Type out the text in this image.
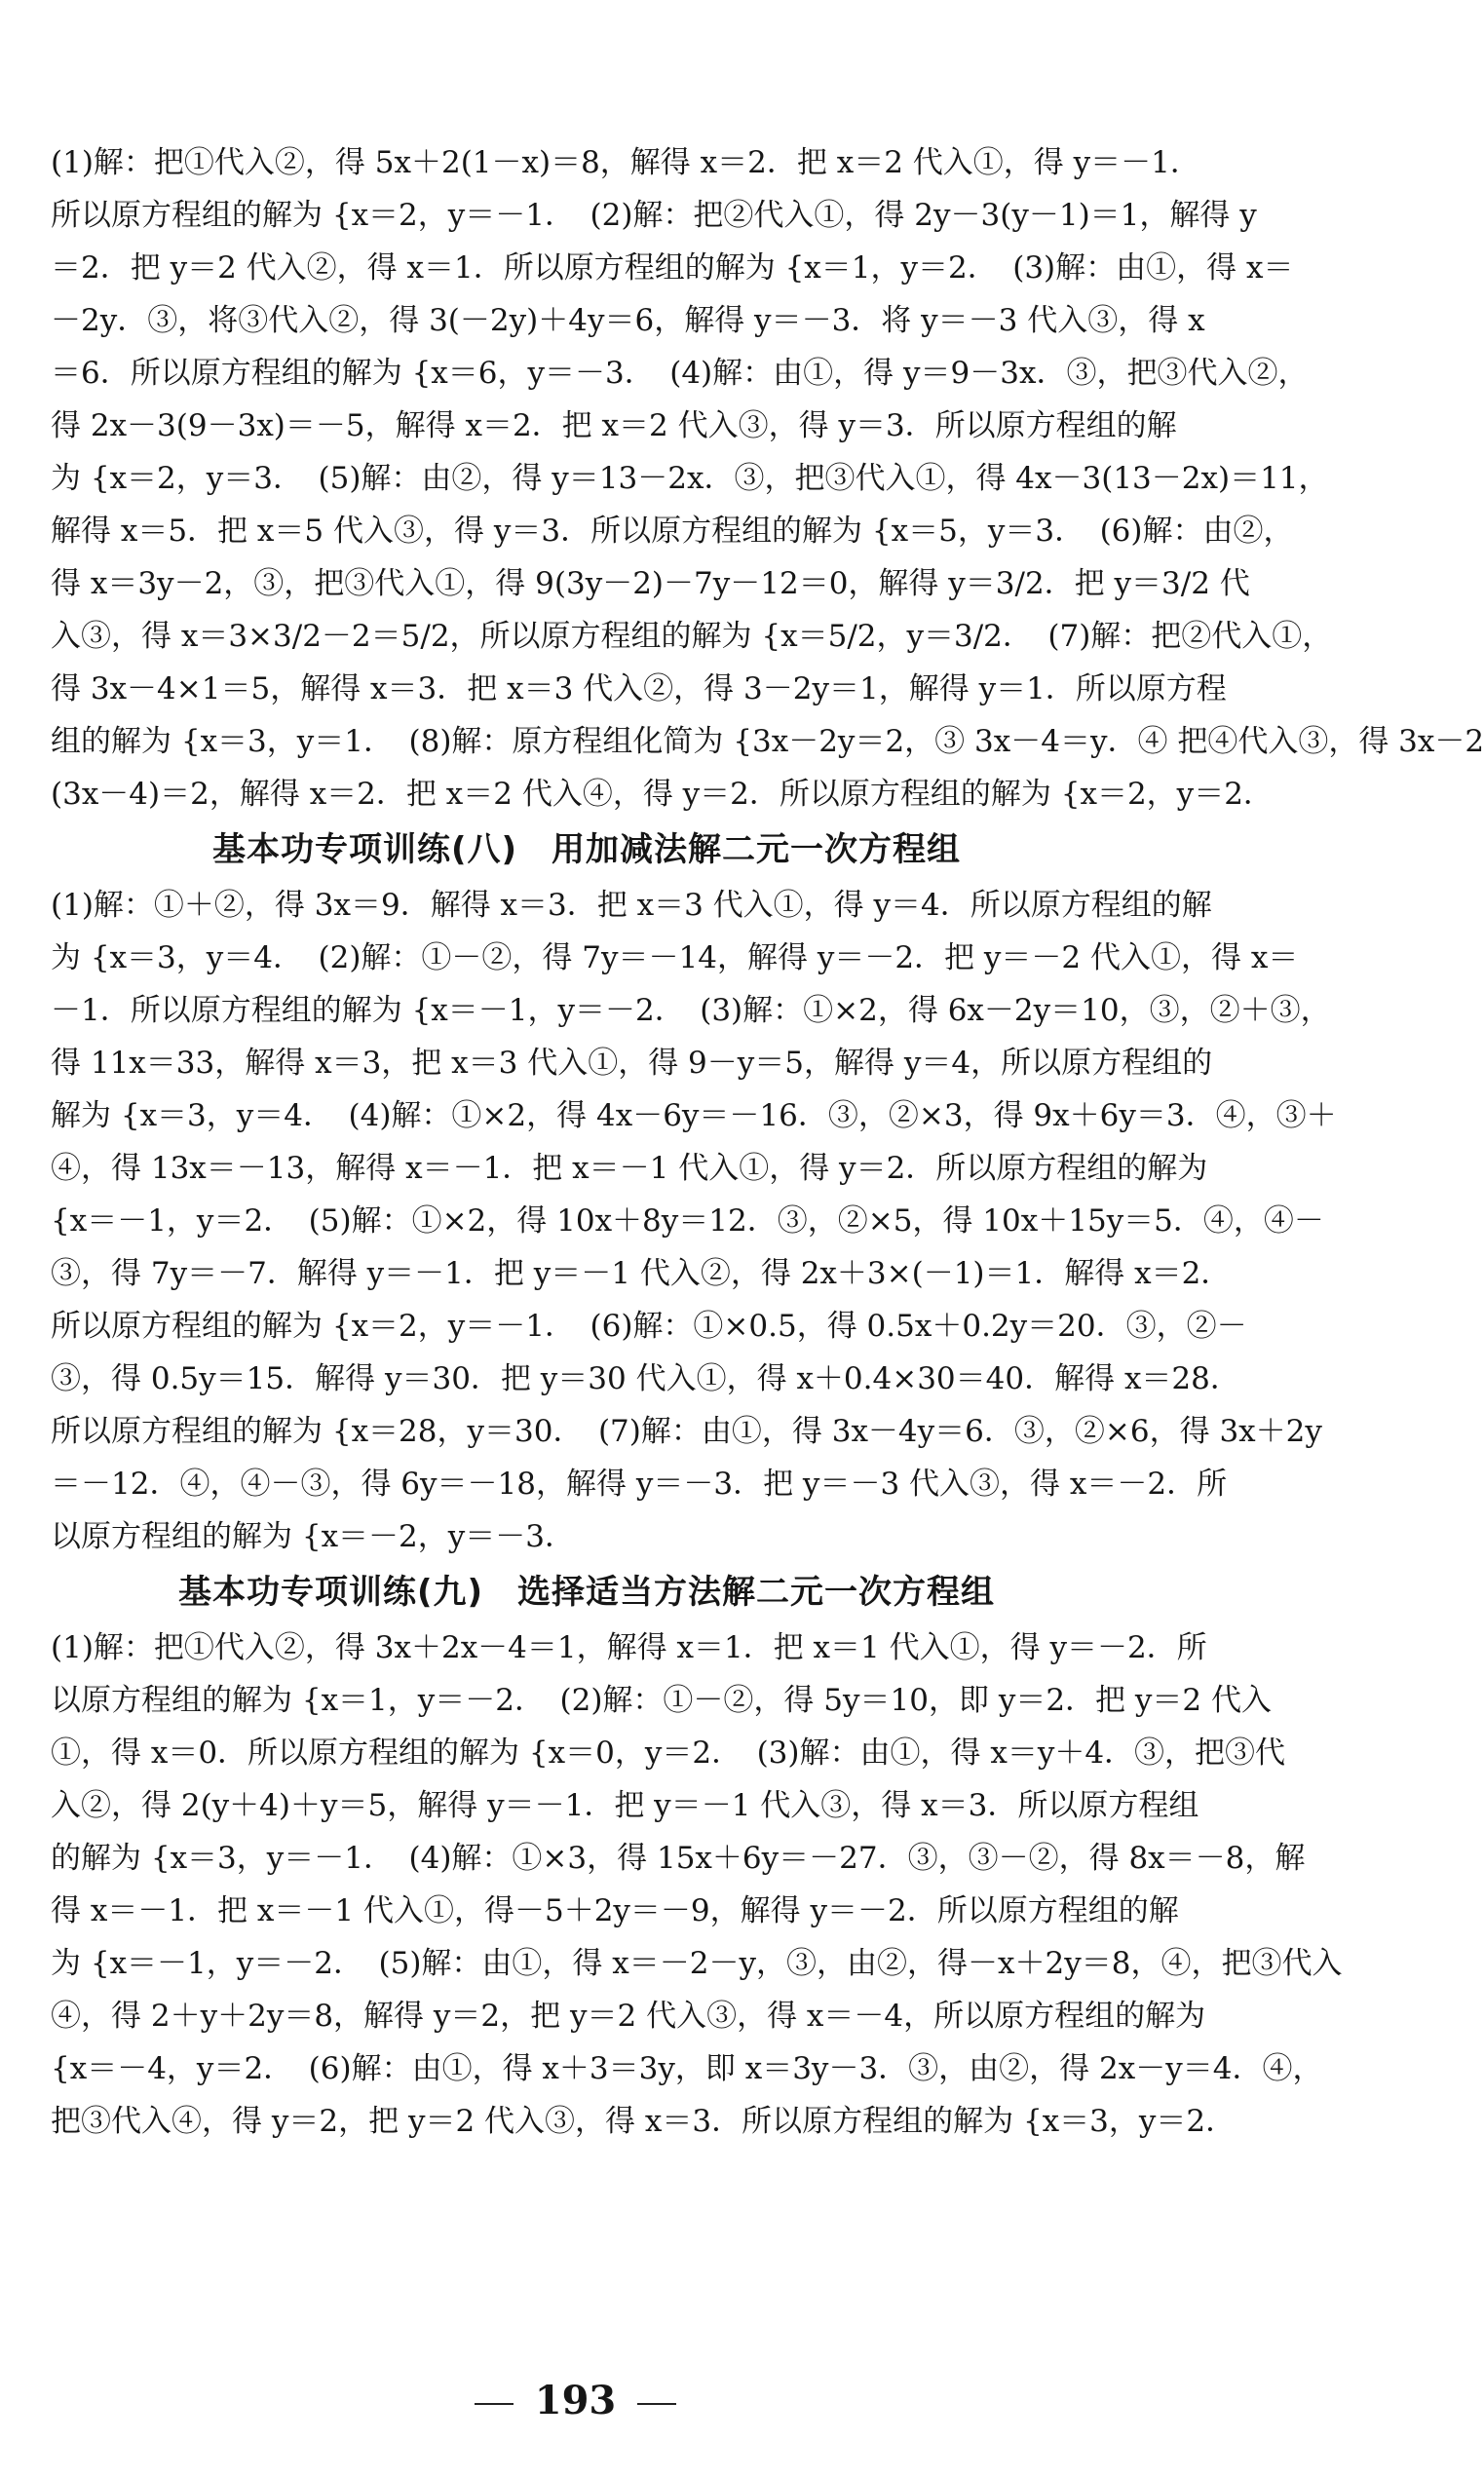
(1)解：把①代入②，得 5x＋2(1－x)＝8，解得 x＝2．把 x＝2 代入①，得 y＝－1．
所以原方程组的解为 {x＝2，y＝－1．　(2)解：把②代入①，得 2y－3(y－1)＝1，解得 y
＝2．把 y＝2 代入②，得 x＝1．所以原方程组的解为 {x＝1，y＝2．　(3)解：由①，得 x＝
－2y．③，将③代入②，得 3(－2y)＋4y＝6，解得 y＝－3．将 y＝－3 代入③，得 x
＝6．所以原方程组的解为 {x＝6，y＝－3．　(4)解：由①，得 y＝9－3x．③，把③代入②，
得 2x－3(9－3x)＝－5，解得 x＝2．把 x＝2 代入③，得 y＝3．所以原方程组的解
为 {x＝2，y＝3．　(5)解：由②，得 y＝13－2x．③，把③代入①，得 4x－3(13－2x)＝11，
解得 x＝5．把 x＝5 代入③，得 y＝3．所以原方程组的解为 {x＝5，y＝3．　(6)解：由②，
得 x＝3y－2，③，把③代入①，得 9(3y－2)－7y－12＝0，解得 y＝3/2．把 y＝3/2 代
入③，得 x＝3×3/2－2＝5/2，所以原方程组的解为 {x＝5/2，y＝3/2．　(7)解：把②代入①，
得 3x－4×1＝5，解得 x＝3．把 x＝3 代入②，得 3－2y＝1，解得 y＝1．所以原方程
组的解为 {x＝3，y＝1．　(8)解：原方程组化简为 {3x－2y＝2，③ 3x－4＝y．④ 把④代入③，得 3x－2
(3x－4)＝2，解得 x＝2．把 x＝2 代入④，得 y＝2．所以原方程组的解为 {x＝2，y＝2．
基本功专项训练(八)　用加减法解二元一次方程组
(1)解：①＋②，得 3x＝9．解得 x＝3．把 x＝3 代入①，得 y＝4．所以原方程组的解
为 {x＝3，y＝4．　(2)解：①－②，得 7y＝－14，解得 y＝－2．把 y＝－2 代入①，得 x＝
－1．所以原方程组的解为 {x＝－1，y＝－2．　(3)解：①×2，得 6x－2y＝10，③，②＋③，
得 11x＝33，解得 x＝3，把 x＝3 代入①，得 9－y＝5，解得 y＝4，所以原方程组的
解为 {x＝3，y＝4．　(4)解：①×2，得 4x－6y＝－16．③，②×3，得 9x＋6y＝3．④，③＋
④，得 13x＝－13，解得 x＝－1．把 x＝－1 代入①，得 y＝2．所以原方程组的解为
{x＝－1，y＝2．　(5)解：①×2，得 10x＋8y＝12．③，②×5，得 10x＋15y＝5．④，④－
③，得 7y＝－7．解得 y＝－1．把 y＝－1 代入②，得 2x＋3×(－1)＝1．解得 x＝2．
所以原方程组的解为 {x＝2，y＝－1．　(6)解：①×0.5，得 0.5x＋0.2y＝20．③，②－
③，得 0.5y＝15．解得 y＝30．把 y＝30 代入①，得 x＋0.4×30＝40．解得 x＝28．
所以原方程组的解为 {x＝28，y＝30．　(7)解：由①，得 3x－4y＝6．③，②×6，得 3x＋2y
＝－12．④，④－③，得 6y＝－18，解得 y＝－3．把 y＝－3 代入③，得 x＝－2．所
以原方程组的解为 {x＝－2，y＝－3．
基本功专项训练(九)　选择适当方法解二元一次方程组
(1)解：把①代入②，得 3x＋2x－4＝1，解得 x＝1．把 x＝1 代入①，得 y＝－2．所
以原方程组的解为 {x＝1，y＝－2．　(2)解：①－②，得 5y＝10，即 y＝2．把 y＝2 代入
①，得 x＝0．所以原方程组的解为 {x＝0，y＝2．　(3)解：由①，得 x＝y＋4．③，把③代
入②，得 2(y＋4)＋y＝5，解得 y＝－1．把 y＝－1 代入③，得 x＝3．所以原方程组
的解为 {x＝3，y＝－1．　(4)解：①×3，得 15x＋6y＝－27．③，③－②，得 8x＝－8，解
得 x＝－1．把 x＝－1 代入①，得－5＋2y＝－9，解得 y＝－2．所以原方程组的解
为 {x＝－1，y＝－2．　(5)解：由①，得 x＝－2－y，③，由②，得－x＋2y＝8，④，把③代入
④，得 2＋y＋2y＝8，解得 y＝2，把 y＝2 代入③，得 x＝－4，所以原方程组的解为
{x＝－4，y＝2．　(6)解：由①，得 x＋3＝3y，即 x＝3y－3．③，由②，得 2x－y＝4．④，
把③代入④，得 y＝2，把 y＝2 代入③，得 x＝3．所以原方程组的解为 {x＝3，y＝2．
193
